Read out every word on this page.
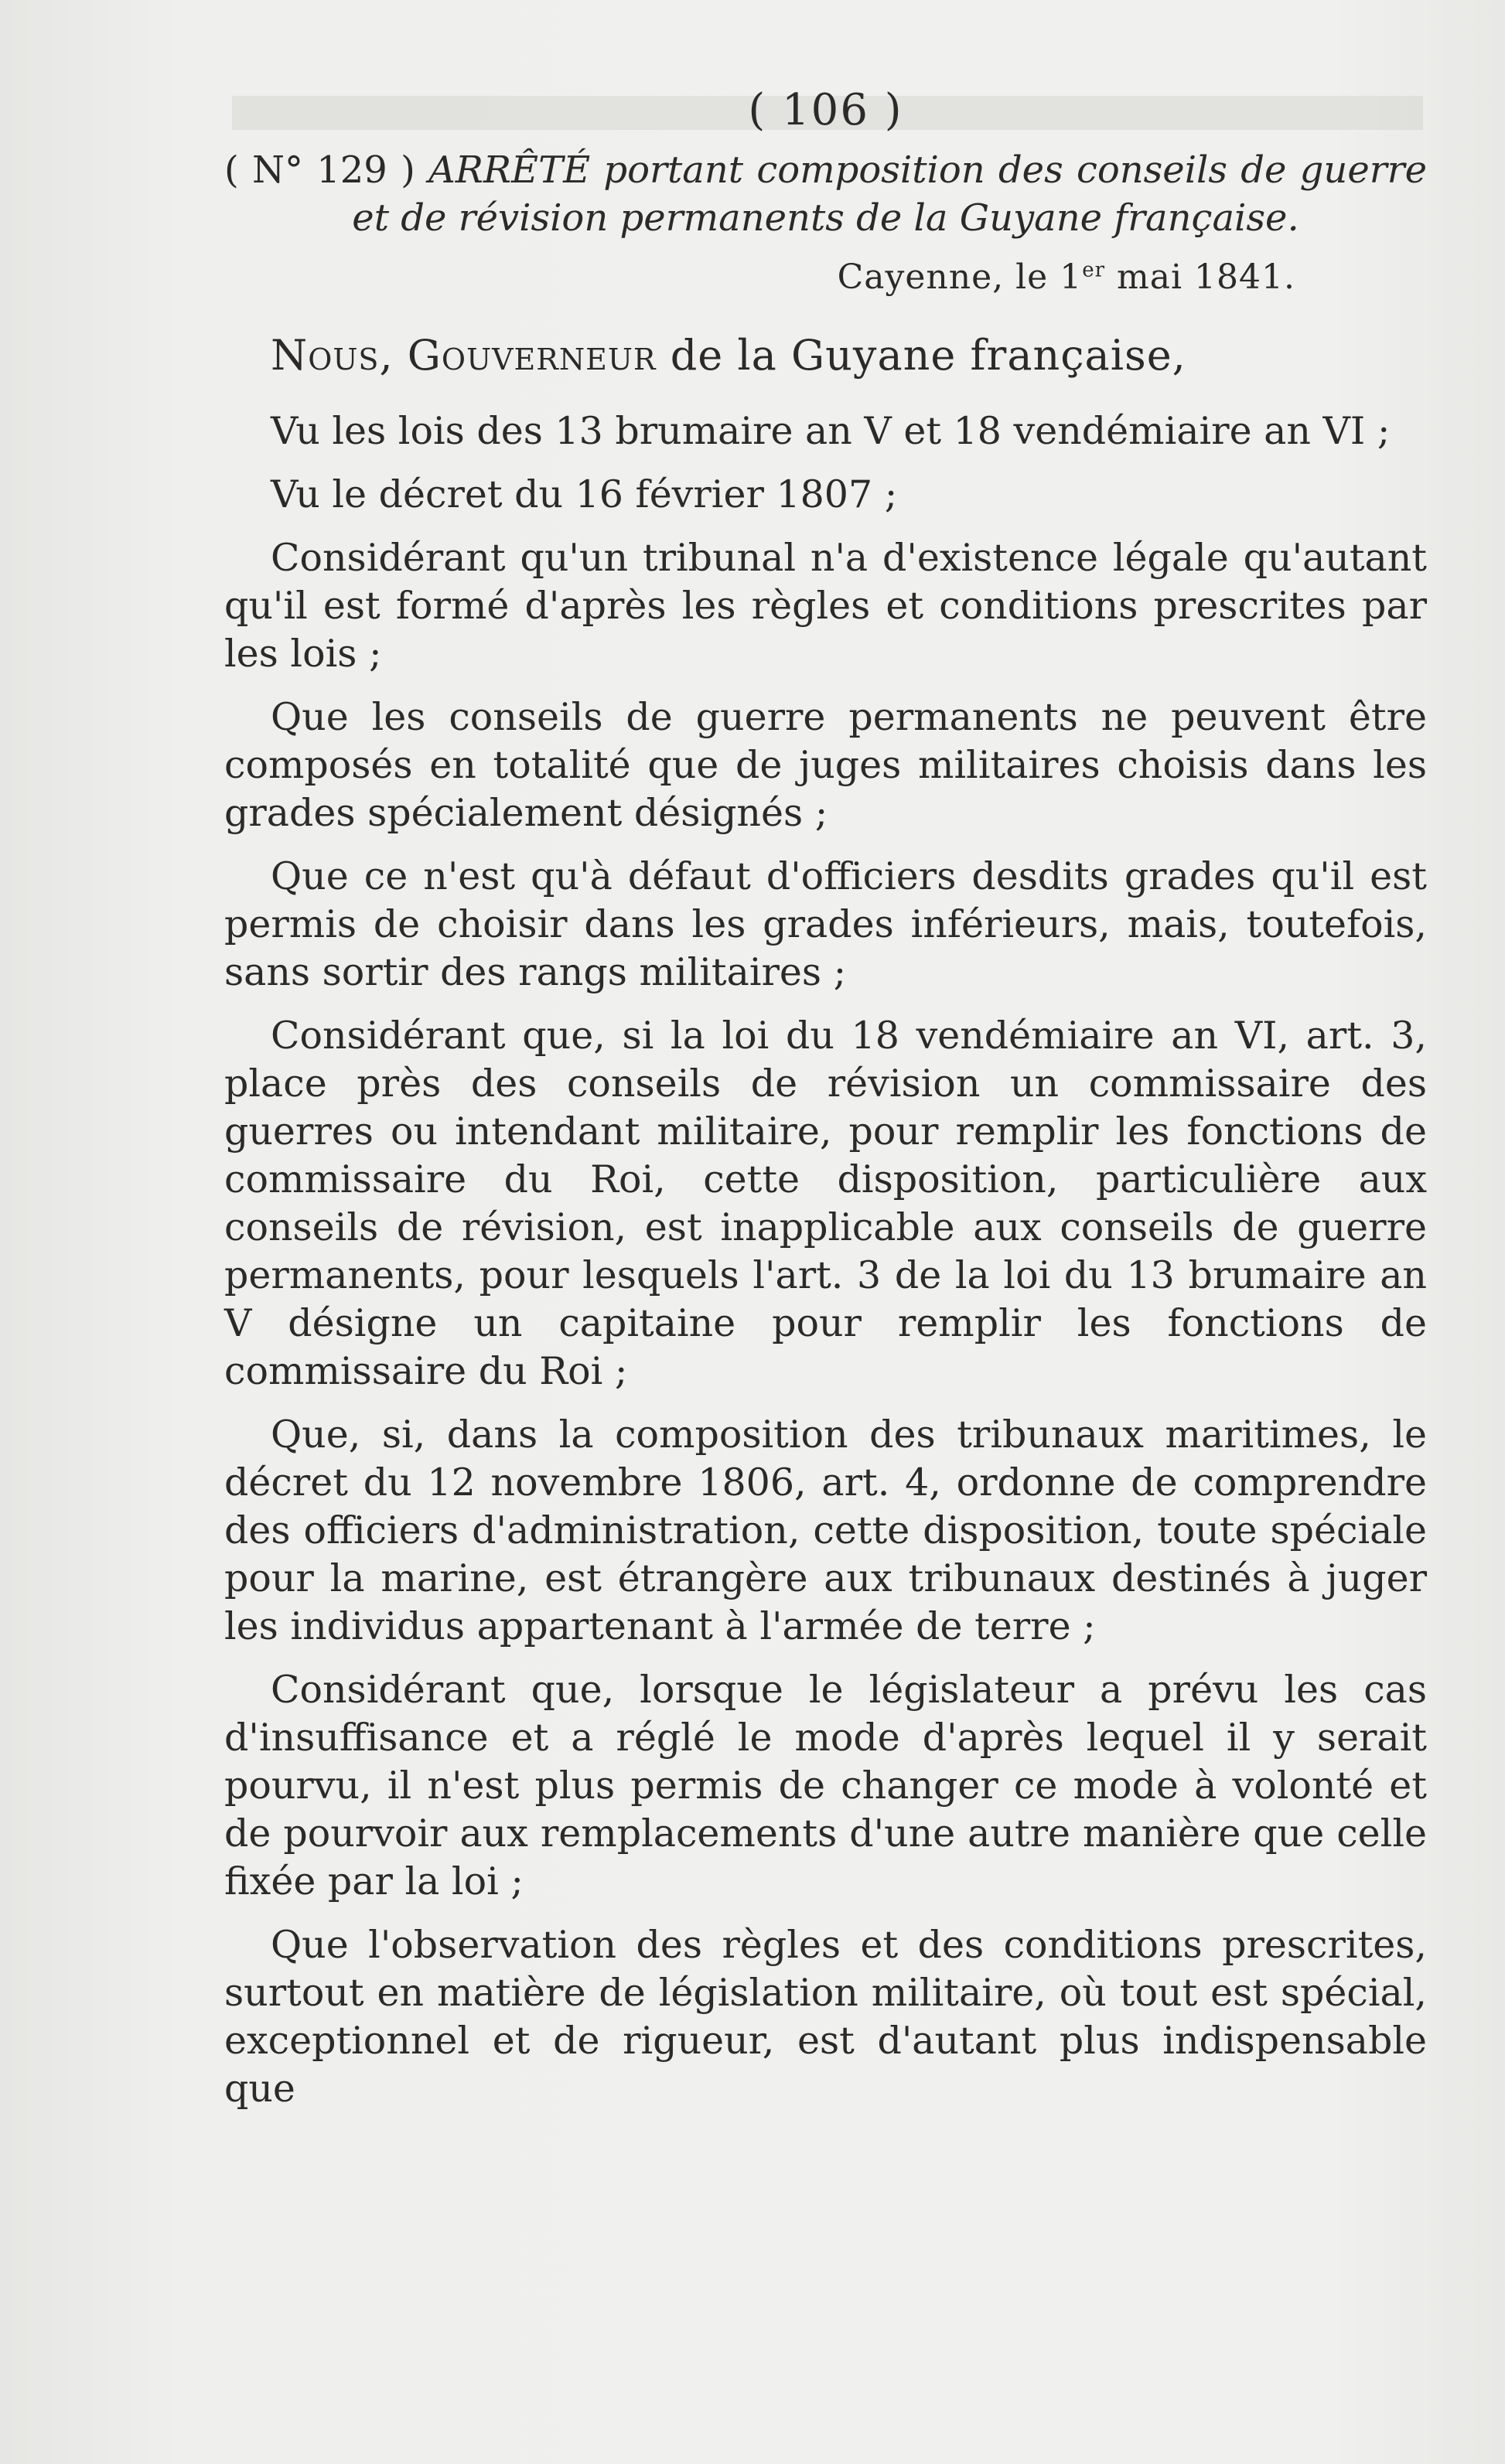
( 106 )
( N° 129 ) ARRÊTÉ portant composition des conseils de guerre et de révision permanents de la Guyane française.
Cayenne, le 1er mai 1841.
Nous, Gouverneur de la Guyane française,

Vu les lois des 13 brumaire an V et 18 vendémiaire an VI ;

Vu le décret du 16 février 1807 ;

Considérant qu'un tribunal n'a d'existence légale qu'autant qu'il est formé d'après les règles et conditions prescrites par les lois ;

Que les conseils de guerre permanents ne peuvent être composés en totalité que de juges militaires choisis dans les grades spécialement désignés ;

Que ce n'est qu'à défaut d'officiers desdits grades qu'il est permis de choisir dans les grades inférieurs, mais, toutefois, sans sortir des rangs militaires ;

Considérant que, si la loi du 18 vendémiaire an VI, art. 3, place près des conseils de révision un commissaire des guerres ou intendant militaire, pour remplir les fonctions de commissaire du Roi, cette disposition, particulière aux conseils de révision, est inapplicable aux conseils de guerre permanents, pour lesquels l'art. 3 de la loi du 13 brumaire an V désigne un capitaine pour remplir les fonctions de commissaire du Roi ;

Que, si, dans la composition des tribunaux maritimes, le décret du 12 novembre 1806, art. 4, ordonne de comprendre des officiers d'administration, cette disposition, toute spéciale pour la marine, est étrangère aux tribunaux destinés à juger les individus appartenant à l'armée de terre ;

Considérant que, lorsque le législateur a prévu les cas d'insuffisance et a réglé le mode d'après lequel il y serait pourvu, il n'est plus permis de changer ce mode à volonté et de pourvoir aux remplacements d'une autre manière que celle fixée par la loi ;

Que l'observation des règles et des conditions prescrites, surtout en matière de législation militaire, où tout est spécial, exceptionnel et de rigueur, est d'autant plus indispensable que
